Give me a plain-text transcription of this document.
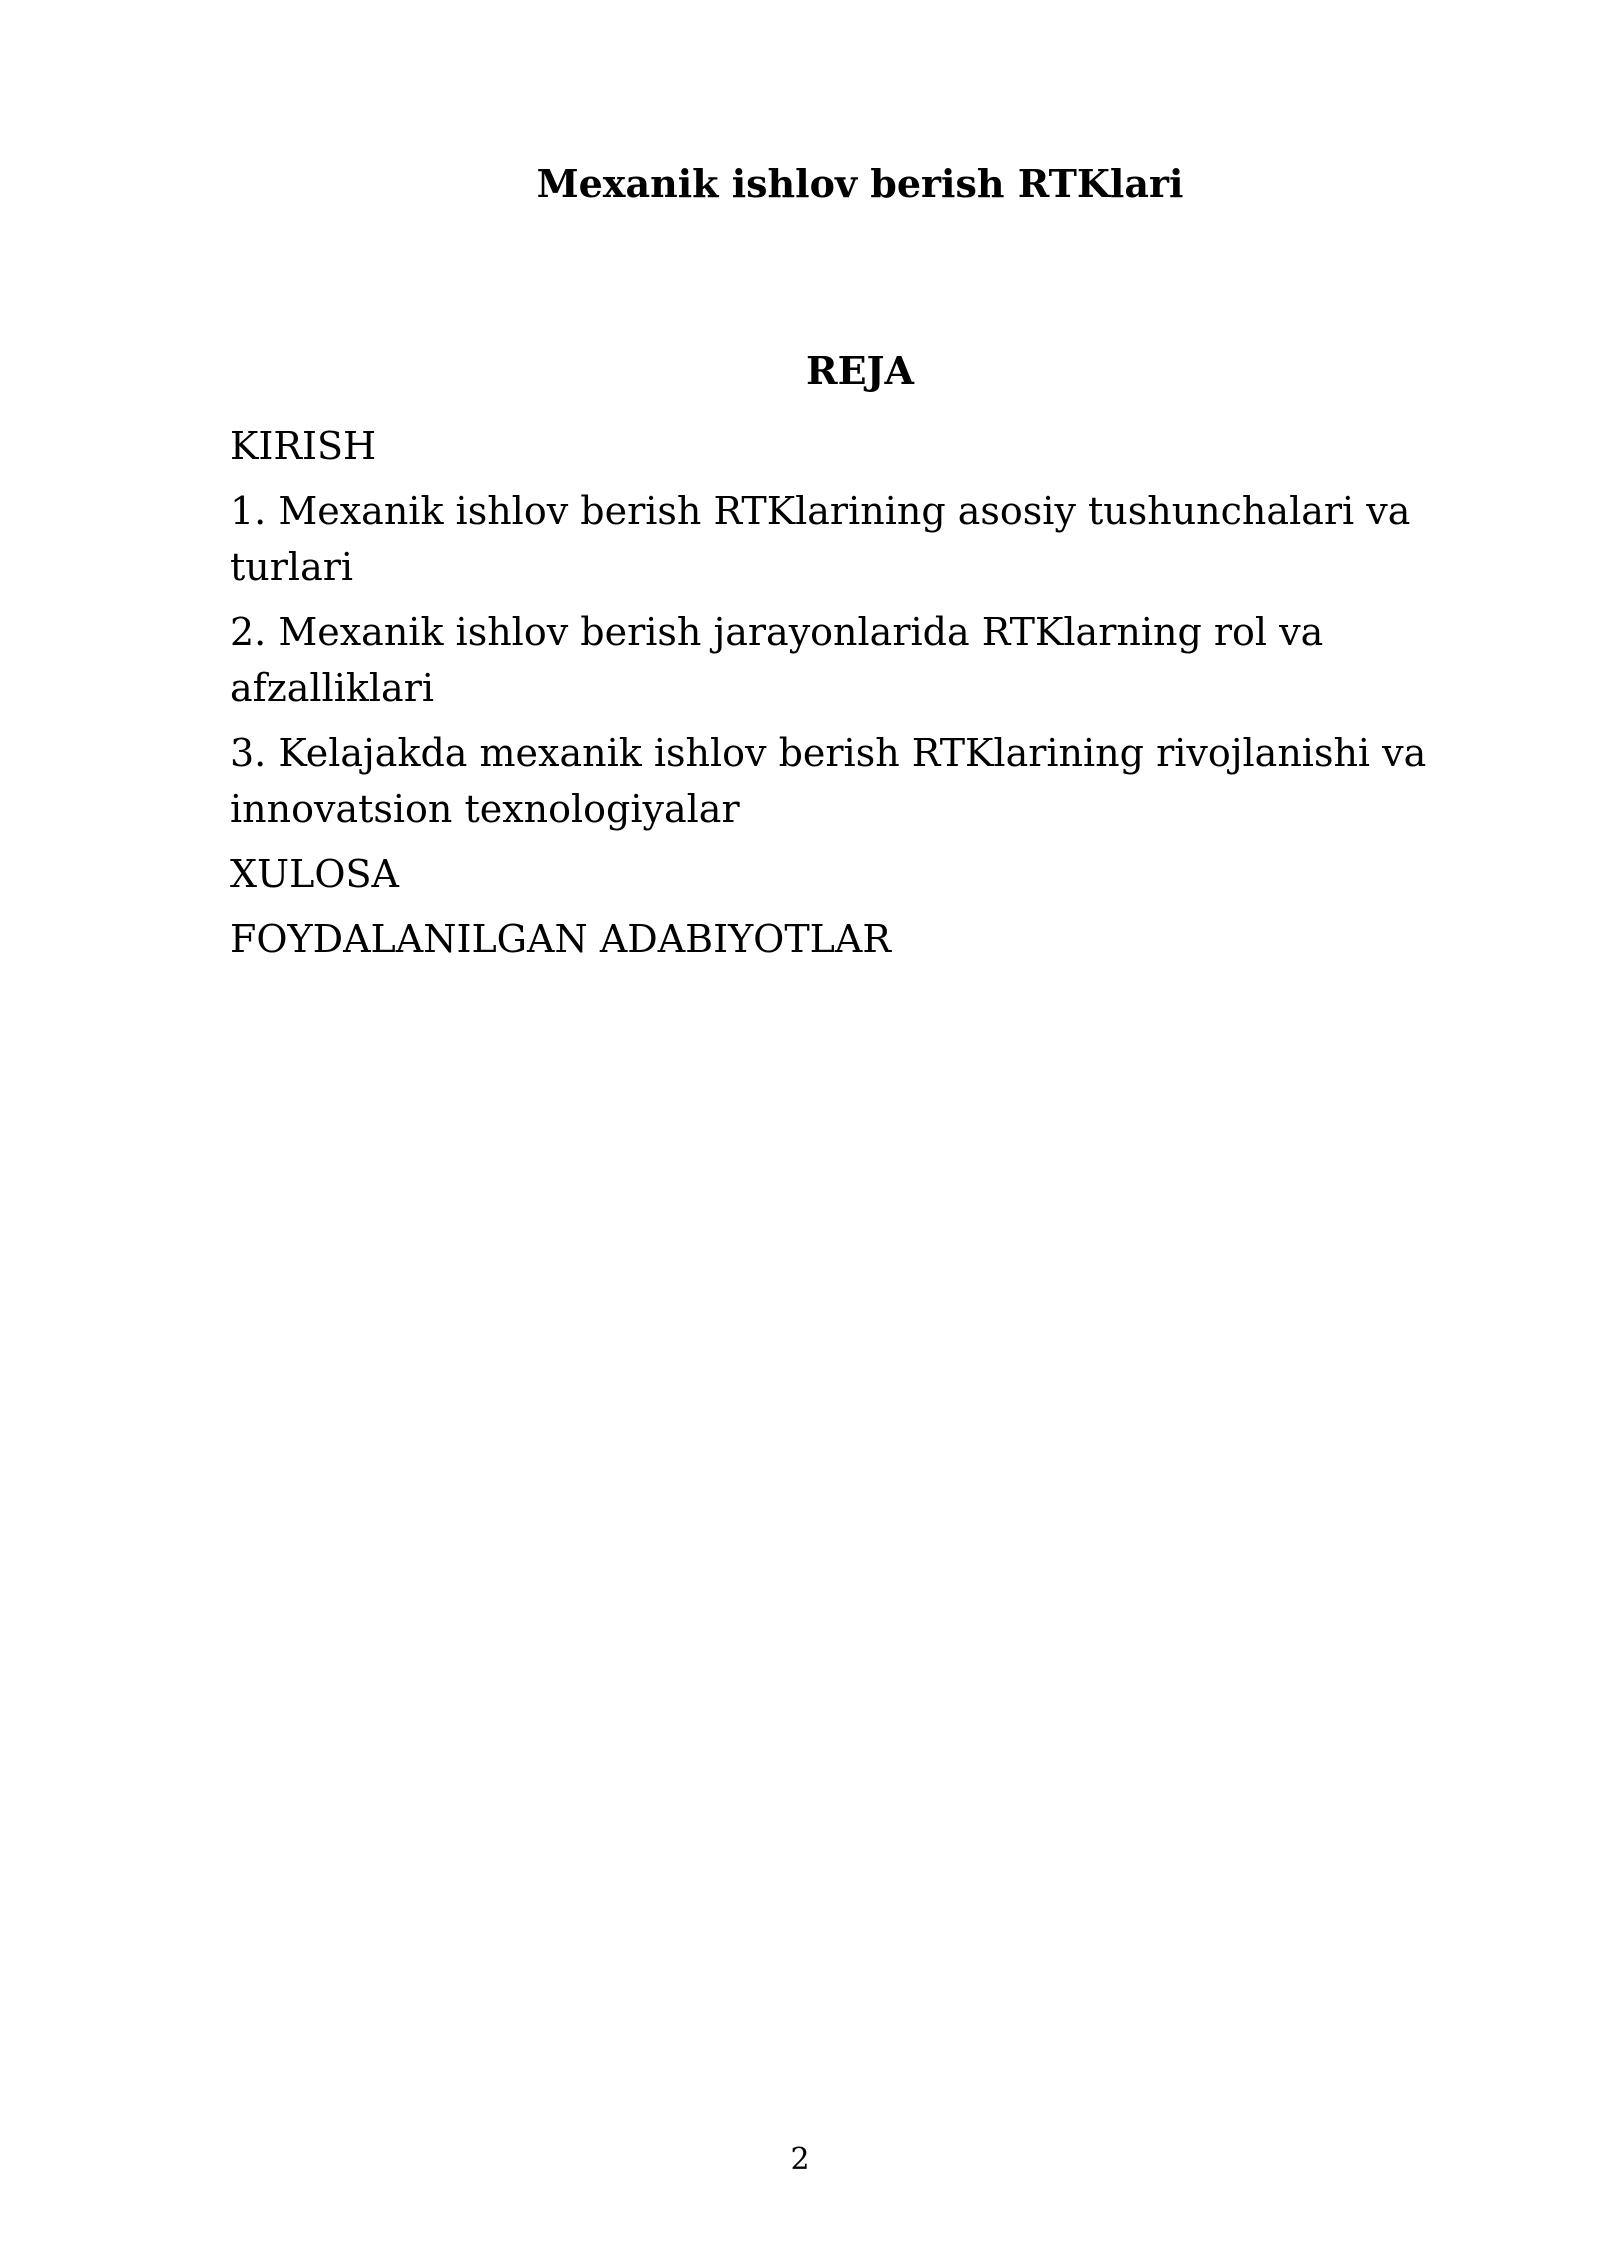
Mexanik ishlov berish RTKlari
REJA
KIRISH
1. Mexanik ishlov berish RTKlarining asosiy tushunchalari va turlari
2. Mexanik ishlov berish jarayonlarida RTKlarning rol va afzalliklari
3. Kelajakda mexanik ishlov berish RTKlarining rivojlanishi va innovatsion texnologiyalar
XULOSA
FOYDALANILGAN ADABIYOTLAR
2
